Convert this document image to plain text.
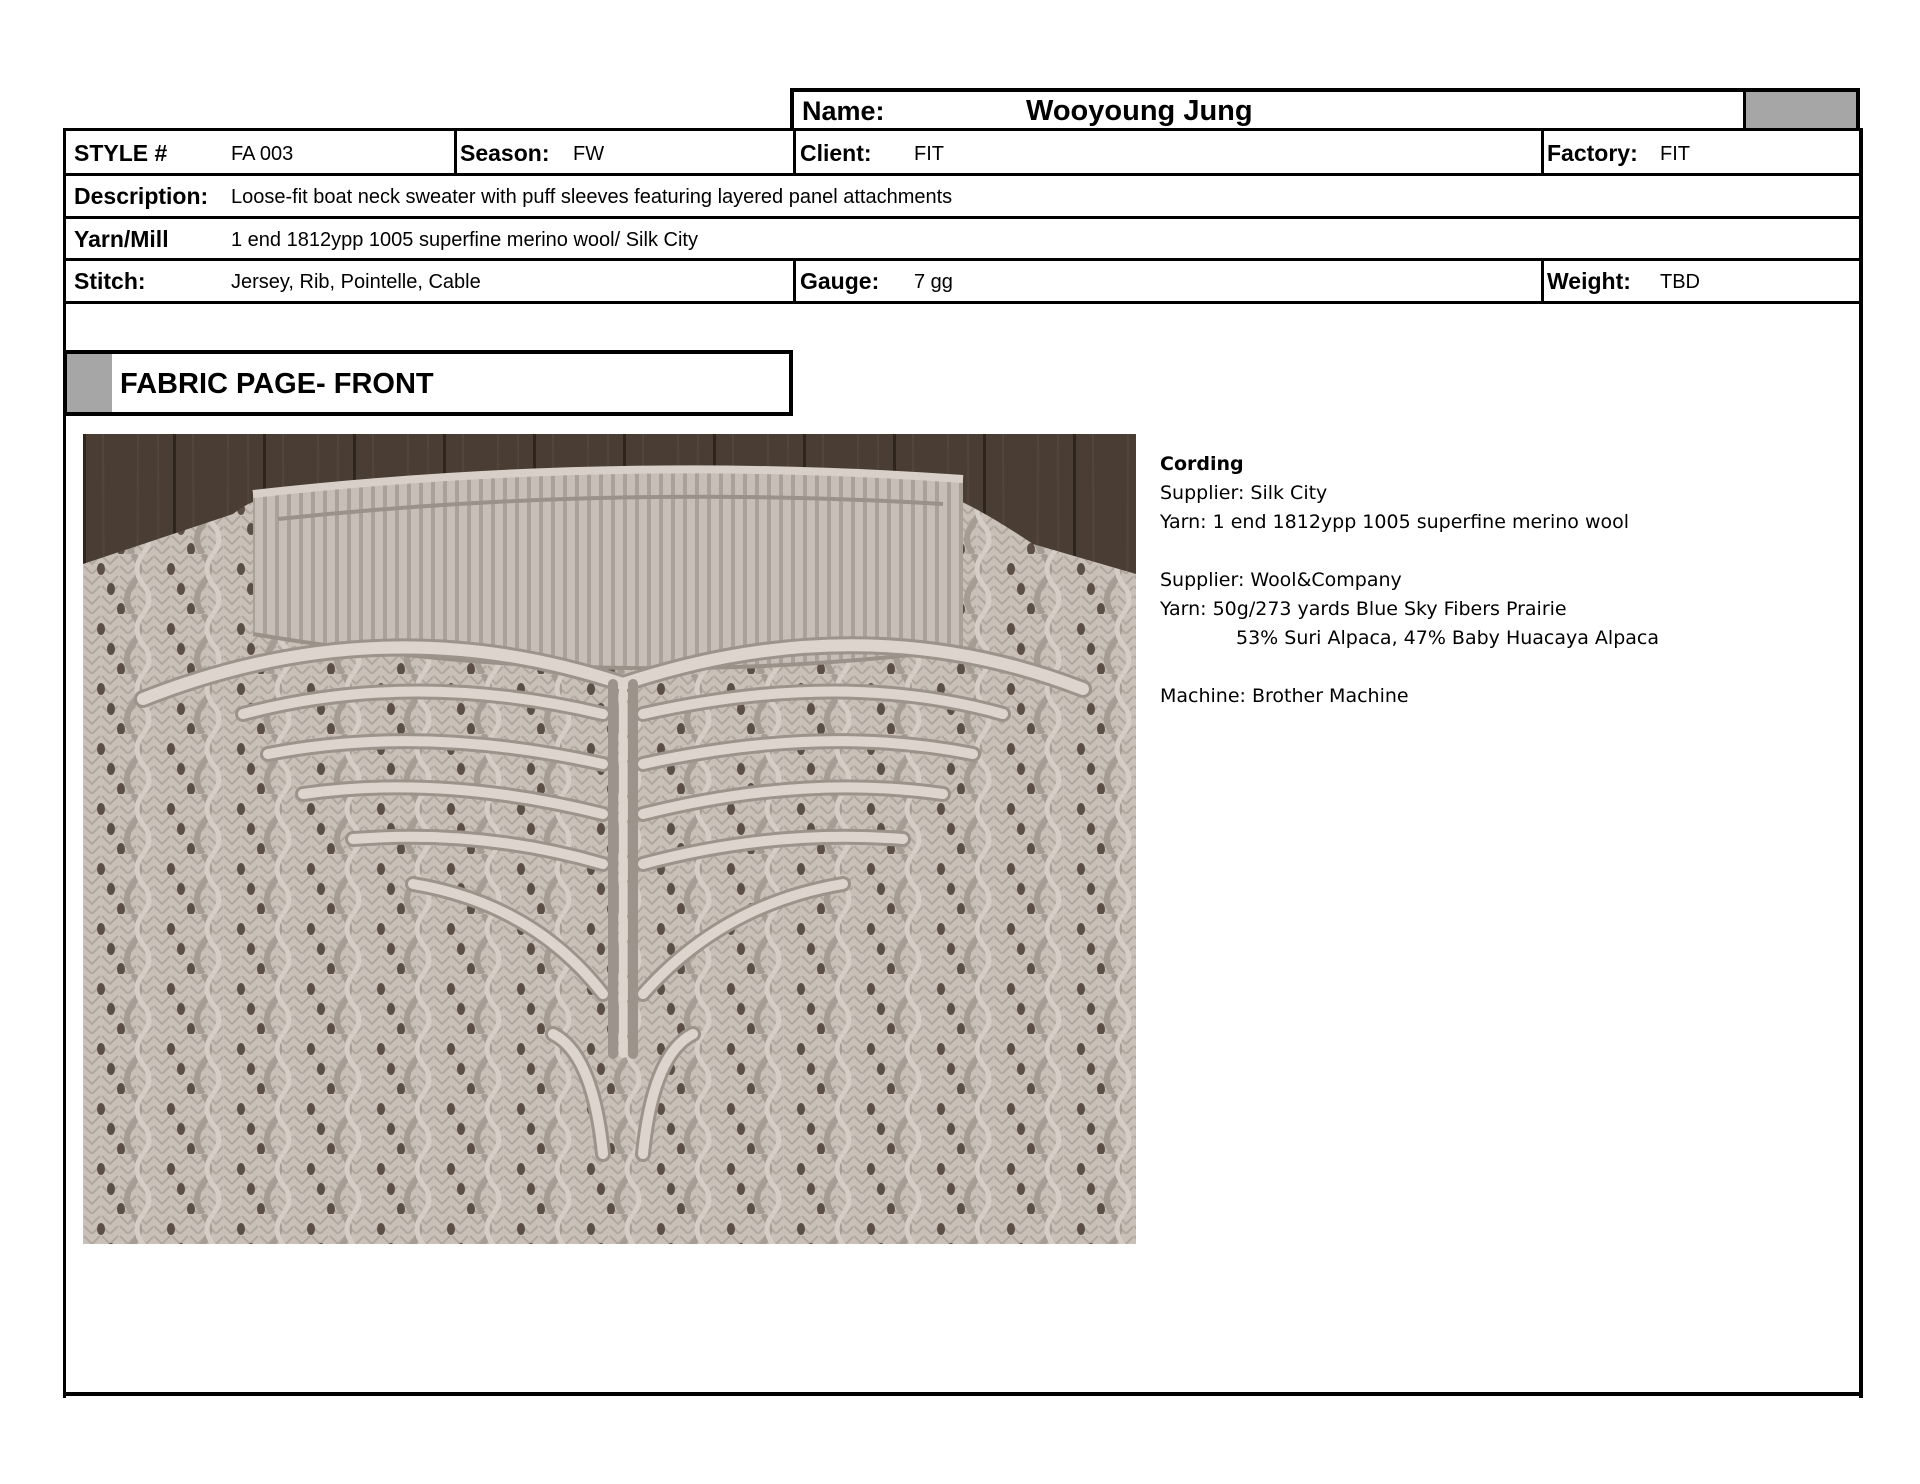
Name:	Wooyoung Jung
STYLE #	FA 003	Season: FW	Client: FIT	Factory: FIT
Description: Loose-fit boat neck sweater with puff sleeves featuring layered panel attachments
Yarn/Mill	1 end 1812ypp 1005 superfine merino wool/ Silk City
Stitch:	Jersey, Rib, Pointelle, Cable	Gauge: 7 gg	Weight: TBD
FABRIC PAGE- FRONT
Cording
Supplier: Silk City
Yarn: 1 end 1812ypp 1005 superfine merino wool
Supplier: Wool&Company
Yarn: 50g/273 yards Blue Sky Fibers Prairie
53% Suri Alpaca, 47% Baby Huacaya Alpaca
Machine: Brother Machine
